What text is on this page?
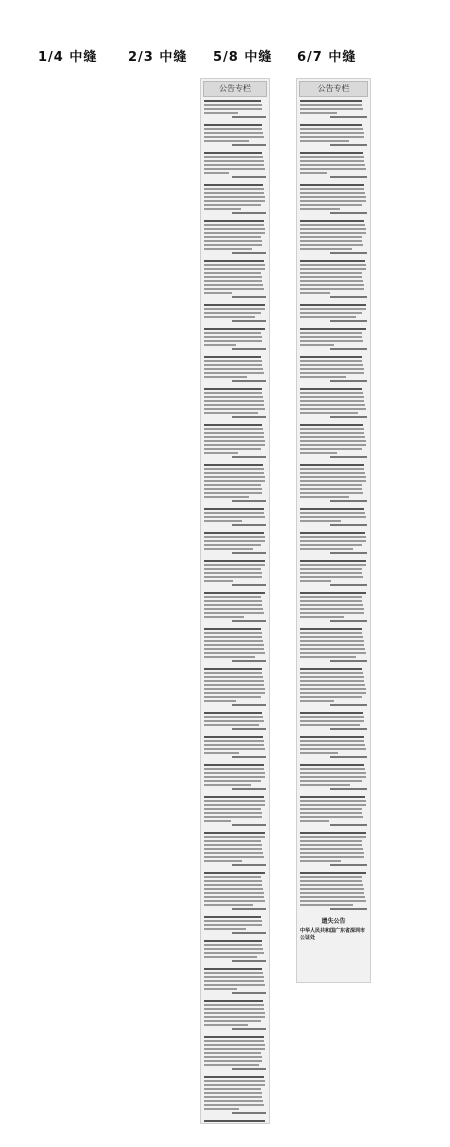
1/4 中缝 2/3 中缝 5/8 中缝 6/7 中缝
公告专栏	公告专栏
遗失公告
中华人民共和国广东省深圳市公证处
